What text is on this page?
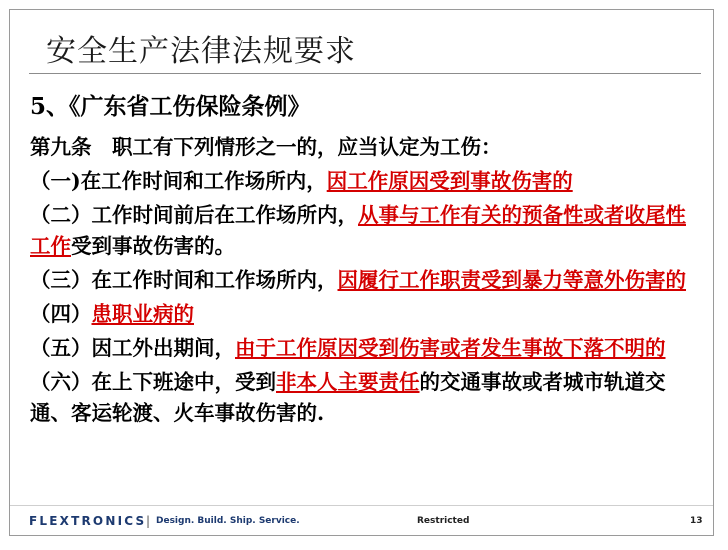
安全生产法律法规要求
5、《广东省工伤保险条例》

第九条　职工有下列情形之一的，应当认定为工伤：

（一)在工作时间和工作场所内，因工作原因受到事故伤害的

（二）工作时间前后在工作场所内，从事与工作有关的预备性或者收尾性工作受到事故伤害的。

（三）在工作时间和工作场所内，因履行工作职责受到暴力等意外伤害的

（四）患职业病的

（五）因工外出期间，由于工作原因受到伤害或者发生事故下落不明的

（六）在上下班途中，受到非本人主要责任的交通事故或者城市轨道交通、客运轮渡、火车事故伤害的.

FLEXTRONICS | Design. Build. Ship. Service.	Restricted	13
